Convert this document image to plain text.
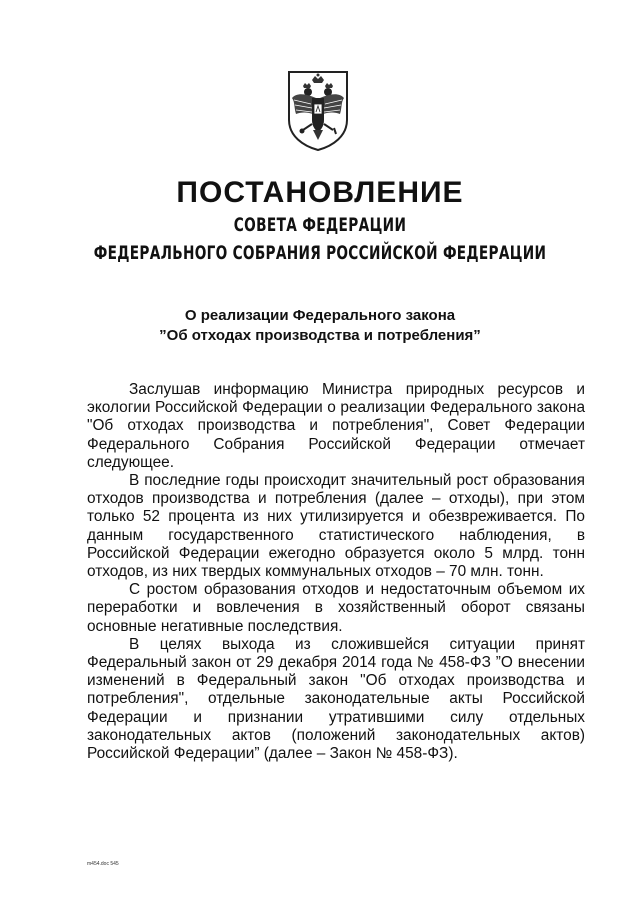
ПОСТАНОВЛЕНИЕ
СОВЕТА ФЕДЕРАЦИИ
ФЕДЕРАЛЬНОГО СОБРАНИЯ РОССИЙСКОЙ ФЕДЕРАЦИИ
О реализации Федерального закона
”Об отходах производства и потребления”

Заслушав информацию Министра природных ресурсов и экологии Российской Федерации о реализации Федерального закона "Об отходах производства и потребления", Совет Федерации Федерального Собрания Российской Федерации отмечает следующее.

В последние годы происходит значительный рост образования отходов производства и потребления (далее – отходы), при этом только 52 процента из них утилизируется и обезвреживается. По данным государственного статистического наблюдения, в Российской Федерации ежегодно образуется около 5 млрд. тонн отходов, из них твердых коммунальных отходов – 70 млн. тонн.

С ростом образования отходов и недостаточным объемом их переработки и вовлечения в хозяйственный оборот связаны основные негативные последствия.

В целях выхода из сложившейся ситуации принят Федеральный закон от 29 декабря 2014 года № 458-ФЗ ”О внесении изменений в Федеральный закон "Об отходах производства и потребления", отдельные законодательные акты Российской Федерации и признании утратившими силу отдельных законодательных актов (положений законодательных актов) Российской Федерации” (далее – Закон № 458-ФЗ).

m454.doc 545
